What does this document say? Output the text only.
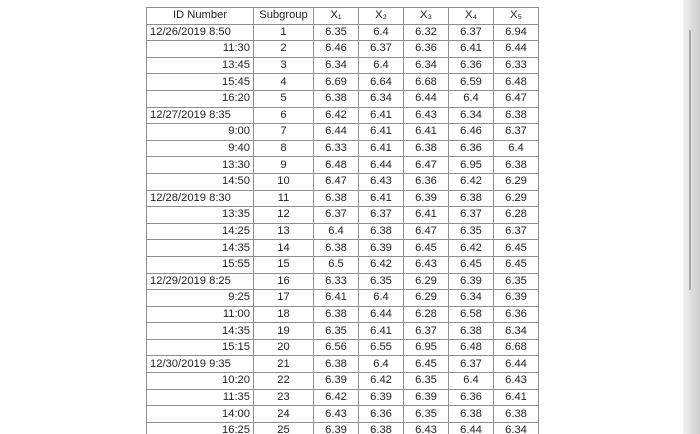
ID Number	Subgroup	X₁	X₂	X₃	X₄	X₅
12/26/2019 8:50	1	6.35	6.4	6.32	6.37	6.94
11:30	2	6.46	6.37	6.36	6.41	6.44
13:45	3	6.34	6.4	6.34	6.36	6.33
15:45	4	6.69	6.64	6.68	6.59	6.48
16:20	5	6.38	6.34	6.44	6.4	6.47
12/27/2019 8:35	6	6.42	6.41	6.43	6.34	6.38
9:00	7	6.44	6.41	6.41	6.46	6.37
9:40	8	6.33	6.41	6.38	6.36	6.4
13:30	9	6.48	6.44	6.47	6.95	6.38
14:50	10	6.47	6.43	6.36	6.42	6.29
12/28/2019 8:30	11	6.38	6.41	6.39	6.38	6.29
13:35	12	6.37	6.37	6.41	6.37	6.28
14:25	13	6.4	6.38	6.47	6.35	6.37
14:35	14	6.38	6.39	6.45	6.42	6.45
15:55	15	6.5	6.42	6.43	6.45	6.45
12/29/2019 8:25	16	6.33	6.35	6.29	6.39	6.35
9:25	17	6.41	6.4	6.29	6.34	6.39
11:00	18	6.38	6.44	6.28	6.58	6.36
14:35	19	6.35	6.41	6.37	6.38	6.34
15:15	20	6.56	6.55	6.95	6.48	6.68
12/30/2019 9:35	21	6.38	6.4	6.45	6.37	6.44
10:20	22	6.39	6.42	6.35	6.4	6.43
11:35	23	6.42	6.39	6.39	6.36	6.41
14:00	24	6.43	6.36	6.35	6.38	6.38
16:25	25	6.39	6.38	6.43	6.44	6.34
